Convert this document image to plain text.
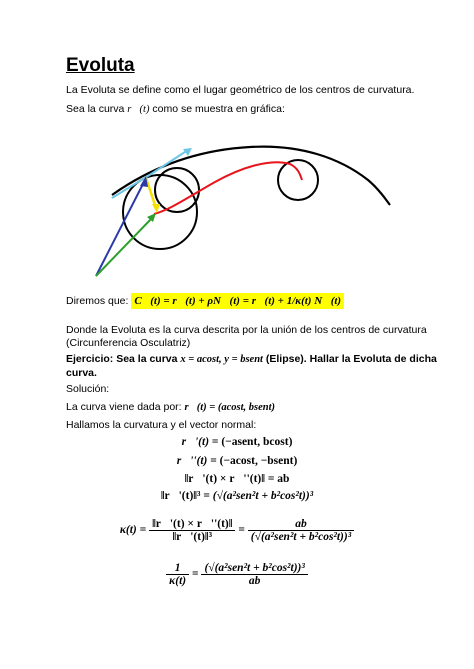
Evoluta
La Evoluta se define como el lugar geométrico de los centros de curvatura.
Sea la curva r⃗(t) como se muestra en gráfica:
Diremos que: C⃗(t) = r⃗(t) + ρN⃗(t) = r⃗(t) + 1/κ(t) N⃗(t)
Donde la Evoluta es la curva descrita por la unión de los centros de curvatura
(Circunferencia Osculatriz)
Ejercicio: Sea la curva x = acost, y = bsent (Elipse). Hallar la Evoluta de dicha
curva.
Solución:
La curva viene dada por: r⃗(t) = (acost, bsent)
Hallamos la curvatura y el vector normal:
r⃗'(t) = (−asent, bcost)
r⃗''(t) = (−acost, −bsent)
‖r⃗'(t) × r⃗''(t)‖ = ab
‖r⃗'(t)‖³ = (√(a²sen²t + b²cos²t))³
$\kappa(t) = \frac{‖r⃗'(t) \times r⃗''(t)‖}{\text{‖r⃗'(t)‖³}} = \frac{ab}{\text{(√(a²sen²t + b²cos²t))³}}$
$\frac{1}{\kappa(t)} = \frac{\text{(√(a²sen²t + b²cos²t))³}}{ab}$
